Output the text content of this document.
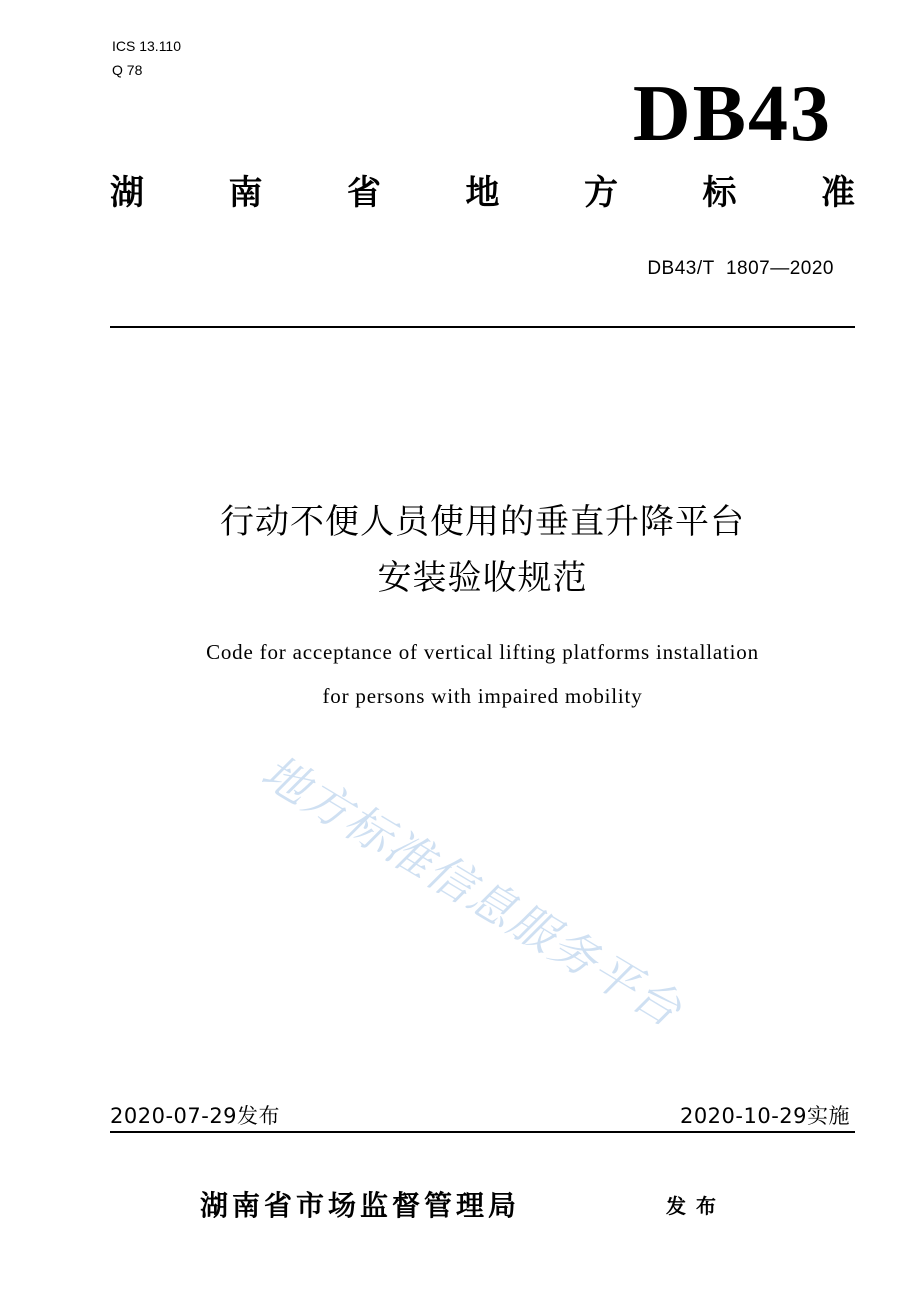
ICS 13.110
Q 78	DB43
湖 南 省 地 方 标 准
DB43/T  1807—2020
行动不便人员使用的垂直升降平台
安装验收规范
Code for acceptance of vertical lifting platforms installation
for persons with impaired mobility
地方标准信息服务平台
2020-07-29发布	2020-10-29实施
湖南省市场监督管理局	发布
